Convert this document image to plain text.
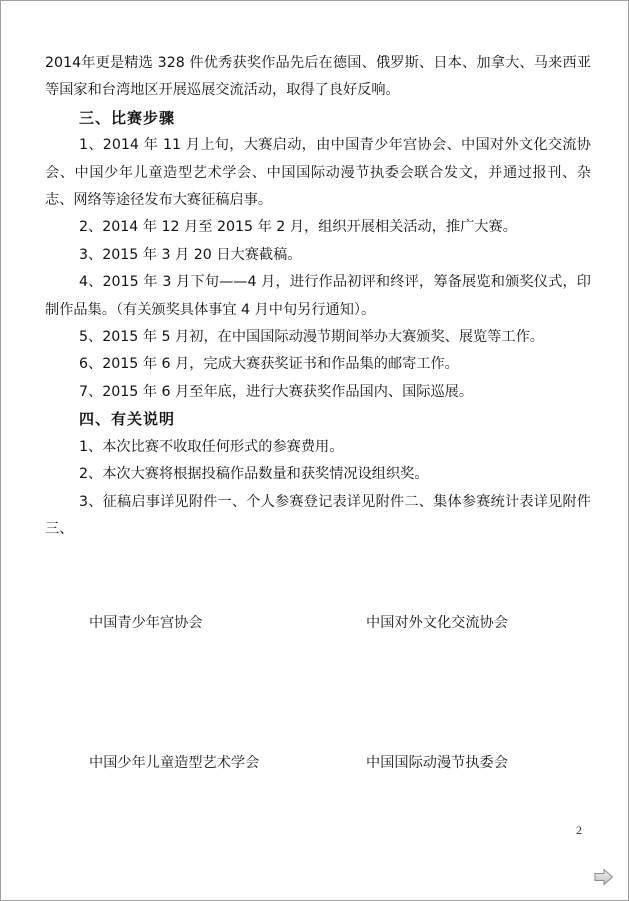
2014年更是精选 328 件优秀获奖作品先后在德国、俄罗斯、日本、加拿大、马来西亚等国家和台湾地区开展巡展交流活动，取得了良好反响。

三、比赛步骤

1、2014 年 11 月上旬，大赛启动，由中国青少年宫协会、中国对外文化交流协会、中国少年儿童造型艺术学会、中国国际动漫节执委会联合发文，并通过报刊、杂志、网络等途径发布大赛征稿启事。

2、2014 年 12 月至 2015 年 2 月，组织开展相关活动，推广大赛。

3、2015 年 3 月 20 日大赛截稿。

4、2015 年 3 月下旬——4 月，进行作品初评和终评，筹备展览和颁奖仪式，印制作品集。（有关颁奖具体事宜 4 月中旬另行通知）。

5、2015 年 5 月初，在中国国际动漫节期间举办大赛颁奖、展览等工作。

6、2015 年 6 月，完成大赛获奖证书和作品集的邮寄工作。

7、2015 年 6 月至年底，进行大赛获奖作品国内、国际巡展。

四、有关说明

1、本次比赛不收取任何形式的参赛费用。

2、本次大赛将根据投稿作品数量和获奖情况设组织奖。

3、征稿启事详见附件一、个人参赛登记表详见附件二、集体参赛统计表详见附件三、

中国青少年宫协会	中国对外文化交流协会
中国少年儿童造型艺术学会	中国国际动漫节执委会
2
